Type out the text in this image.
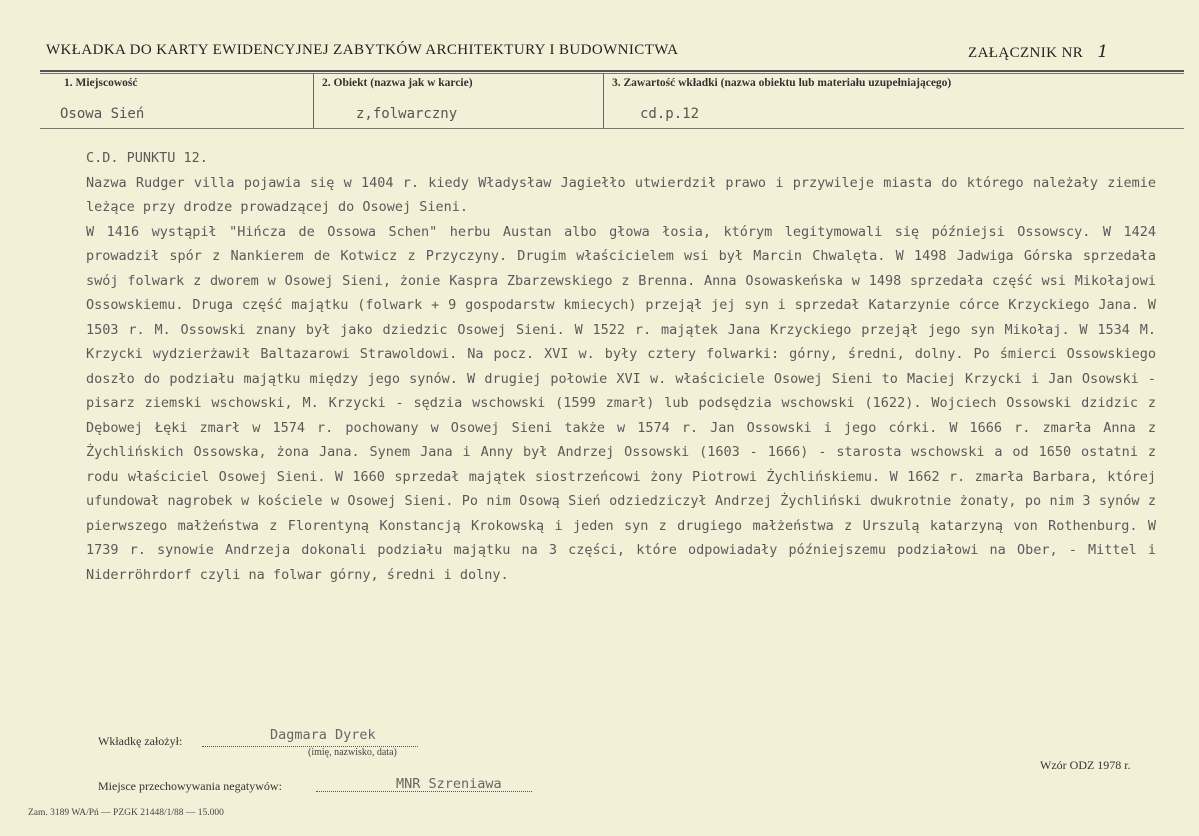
WKŁADKA DO KARTY EWIDENCYJNEJ ZABYTKÓW ARCHITEKTURY I BUDOWNICTWA	ZAŁĄCZNIK NR 1
1. Miejscowość	2. Obiekt (nazwa jak w karcie)	3. Zawartość wkładki (nazwa obiektu lub materiału uzupełniającego)
Osowa Sień	z,folwarczny	cd.p.12

C.D. PUNKTU 12.

Nazwa Rudger villa pojawia się w 1404 r. kiedy Władysław Jagiełło utwierdził prawo i przywileje miasta do którego należały ziemie leżące przy drodze prowadzącej do Osowej Sieni.

W 1416 wystąpił "Hińcza de Ossowa Schen" herbu Austan albo głowa łosia, którym legitymowali się późniejsi Ossowscy. W 1424 prowadził spór z Nankierem de Kotwicz z Przyczyny. Drugim właścicielem wsi był Marcin Chwalęta. W 1498 Jadwiga Górska sprzedała swój folwark z dworem w Osowej Sieni, żonie Kaspra Zbarzewskiego z Brenna. Anna Osowaskeńska w 1498 sprzedała część wsi Mikołajowi Ossowskiemu. Druga część majątku (folwark + 9 gospodarstw kmiecych) przejął jej syn i sprzedał Katarzynie córce Krzyckiego Jana. W 1503 r. M. Ossowski znany był jako dziedzic Osowej Sieni. W 1522 r. majątek Jana Krzyckiego przejął jego syn Mikołaj. W 1534 M. Krzycki wydzierżawił Baltazarowi Strawoldowi. Na pocz. XVI w. były cztery folwarki: górny, średni, dolny. Po śmierci Ossowskiego doszło do podziału majątku między jego synów. W drugiej połowie XVI w. właściciele Osowej Sieni to Maciej Krzycki i Jan Osowski - pisarz ziemski wschowski, M. Krzycki - sędzia wschowski (1599 zmarł) lub podsędzia wschowski (1622). Wojciech Ossowski dzidzic z Dębowej Łęki zmarł w 1574 r. pochowany w Osowej Sieni także w 1574 r. Jan Ossowski i jego córki. W 1666 r. zmarła Anna z Żychlińskich Ossowska, żona Jana. Synem Jana i Anny był Andrzej Ossowski (1603 - 1666) - starosta wschowski a od 1650 ostatni z rodu właściciel Osowej Sieni. W 1660 sprzedał majątek siostrzeńcowi żony Piotrowi Żychlińskiemu. W 1662 r. zmarła Barbara, której ufundował nagrobek w kościele w Osowej Sieni. Po nim Osową Sień odziedziczył Andrzej Żychliński dwukrotnie żonaty, po nim 3 synów z pierwszego małżeństwa z Florentyną Konstancją Krokowską i jeden syn z drugiego małżeństwa z Urszulą katarzyną von Rothenburg. W 1739 r. synowie Andrzeja dokonali podziału majątku na 3 części, które odpowiadały późniejszemu podziałowi na Ober, - Mittel i Niderröhrdorf czyli na folwar górny, średni i dolny.

Wkładkę założył:	Dagmara Dyrek
(imię, nazwisko, data)
Wzór ODZ 1978 r.
Miejsce przechowywania negatywów:	MNR Szreniawa
Zam. 3189 WA/Pń — PZGK 21448/1/88 — 15.000
